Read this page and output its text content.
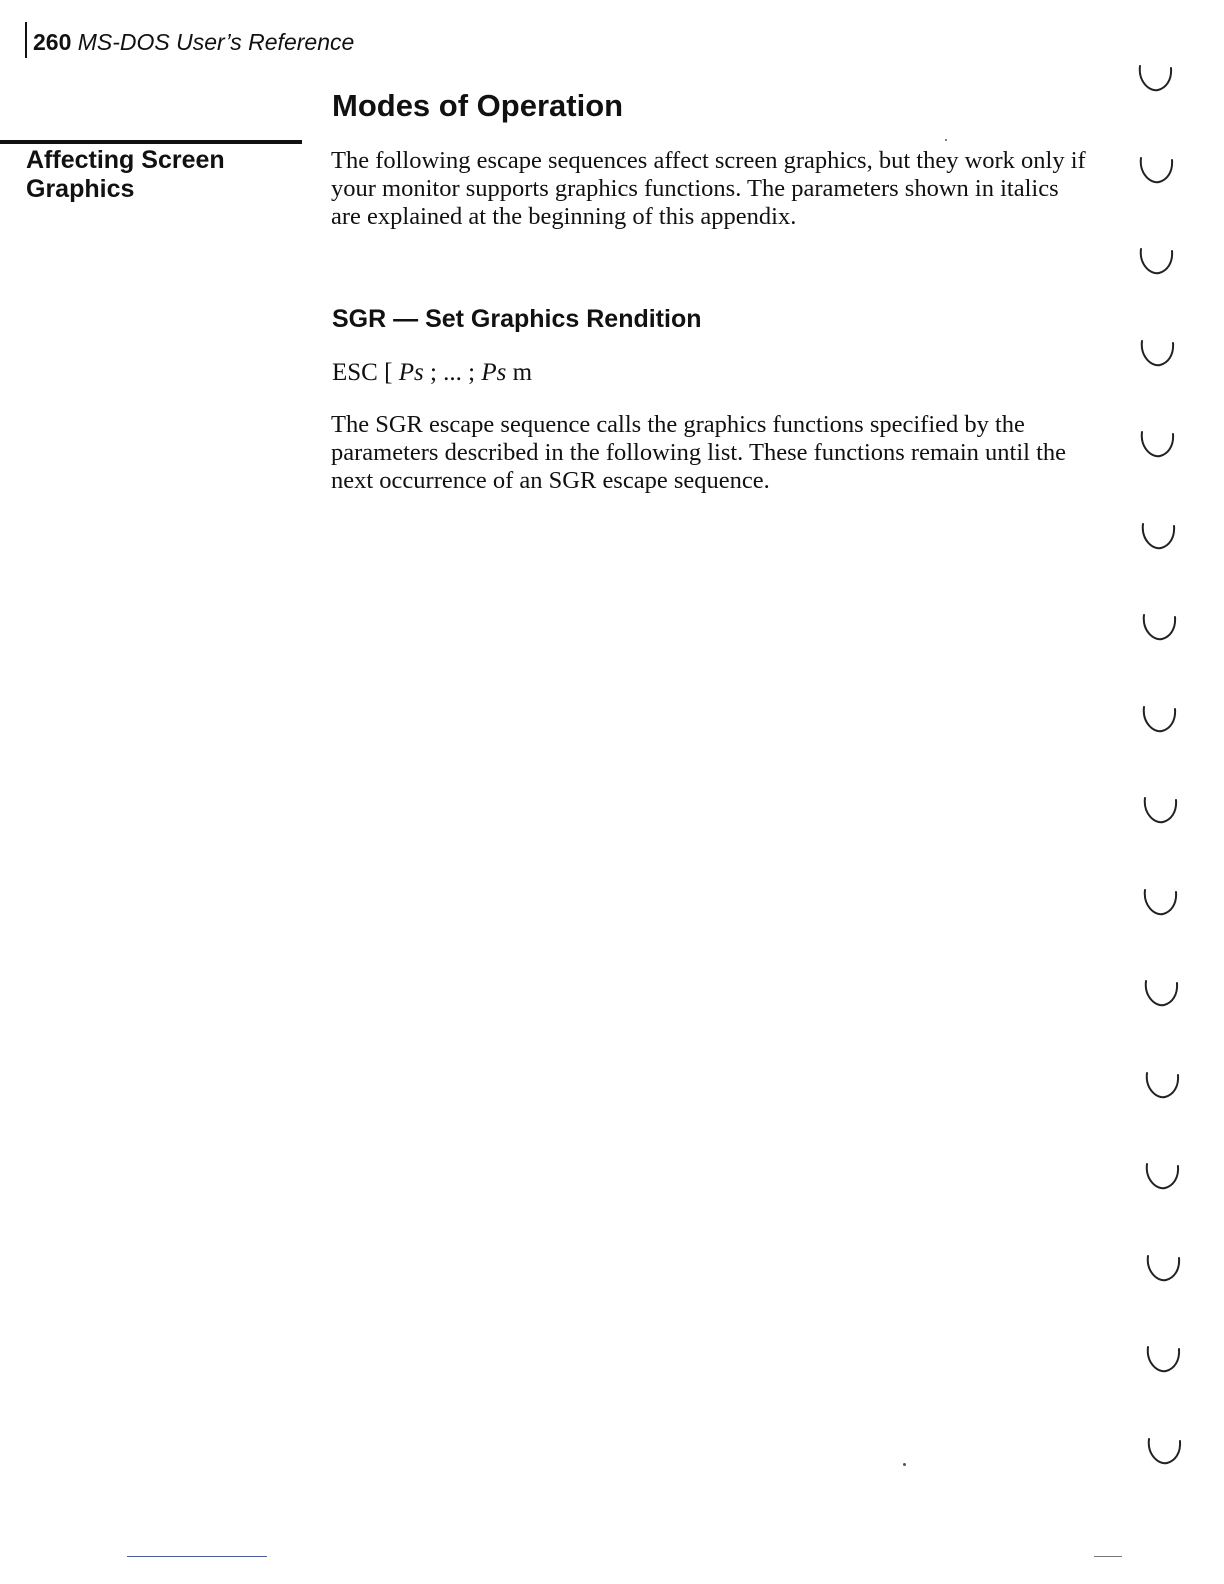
260 MS-DOS User’s Reference
Modes of Operation
Affecting Screen Graphics

The following escape sequences affect screen graphics, but they work only if your monitor supports graphics functions. The parameters shown in italics are explained at the beginning of this appendix.

SGR — Set Graphics Rendition

ESC [ Ps ; ... ; Ps m

The SGR escape sequence calls the graphics functions specified by the parameters described in the following list. These functions remain until the next occurrence of an SGR escape sequence.
